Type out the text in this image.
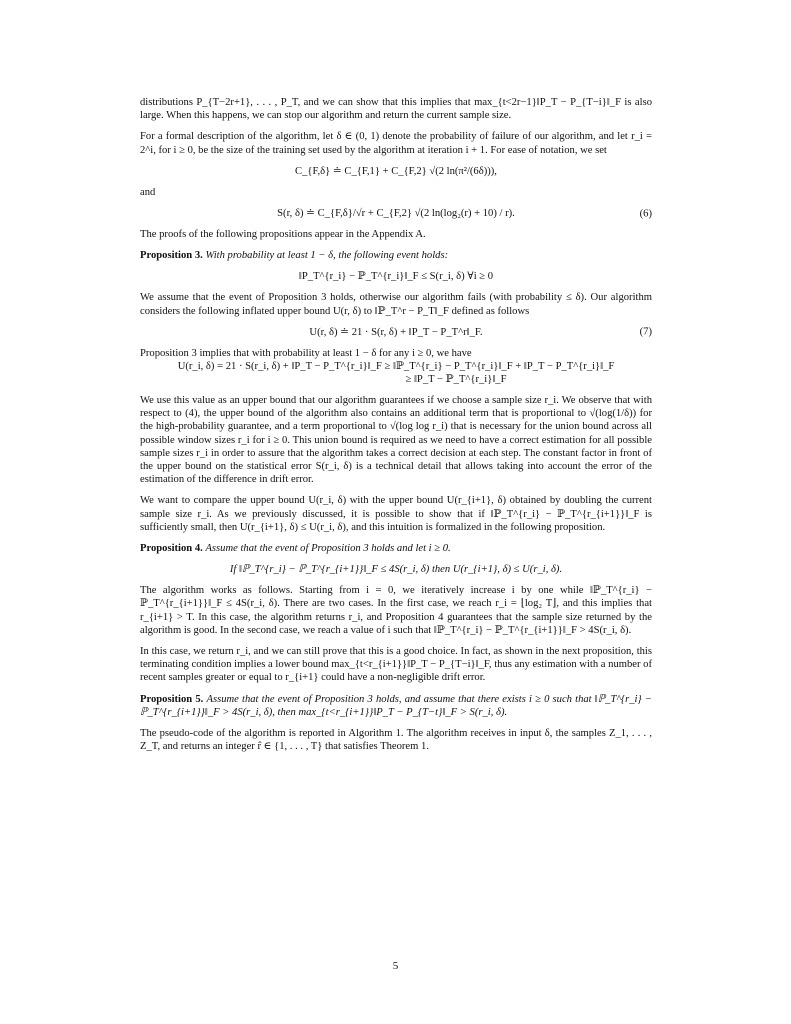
distributions P_{T−2r+1}, . . . , P_T, and we can show that this implies that max_{t<2r−1}‖P_T − P_{T−i}‖_F is also large. When this happens, we can stop our algorithm and return the current sample size.

For a formal description of the algorithm, let δ ∈ (0, 1) denote the probability of failure of our algorithm, and let r_i = 2^i, for i ≥ 0, be the size of the training set used by the algorithm at iteration i + 1. For ease of notation, we set

C_{F,δ} ≐ C_{F,1} + C_{F,2} √(2 ln(π²/(6δ))),

and

S(r, δ) ≐ C_{F,δ}/√r + C_{F,2} √(2 ln(log₂(r) + 10) / r).	(6)

The proofs of the following propositions appear in the Appendix A.

Proposition 3. With probability at least 1 − δ, the following event holds:

‖P_T^{r_i} − ℙ_T^{r_i}‖_F ≤ S(r_i, δ) ∀i ≥ 0

We assume that the event of Proposition 3 holds, otherwise our algorithm fails (with probability ≤ δ). Our algorithm considers the following inflated upper bound U(r, δ) to ‖ℙ_T^r − P_T‖_F defined as follows

U(r, δ) ≐ 21 · S(r, δ) + ‖P_T − P_T^r‖_F.	(7)

Proposition 3 implies that with probability at least 1 − δ for any i ≥ 0, we have

U(r_i, δ) = 21 · S(r_i, δ) + ‖P_T − P_T^{r_i}‖_F ≥ ‖ℙ_T^{r_i} − P_T^{r_i}‖_F + ‖P_T − P_T^{r_i}‖_F
≥ ‖P_T − ℙ_T^{r_i}‖_F

We use this value as an upper bound that our algorithm guarantees if we choose a sample size r_i. We observe that with respect to (4), the upper bound of the algorithm also contains an additional term that is proportional to √(log(1/δ)) for the high-probability guarantee, and a term proportional to √(log log r_i) that is necessary for the union bound across all possible window sizes r_i for i ≥ 0. This union bound is required as we need to have a correct estimation for all possible sample sizes r_i in order to assure that the algorithm takes a correct decision at each step. The constant factor in front of the upper bound on the statistical error S(r_i, δ) is a technical detail that allows taking into account the error of the estimation of the difference in drift error.

We want to compare the upper bound U(r_i, δ) with the upper bound U(r_{i+1}, δ) obtained by doubling the current sample size r_i. As we previously discussed, it is possible to show that if ‖ℙ_T^{r_i} − ℙ_T^{r_{i+1}}‖_F is sufficiently small, then U(r_{i+1}, δ) ≤ U(r_i, δ), and this intuition is formalized in the following proposition.

Proposition 4. Assume that the event of Proposition 3 holds and let i ≥ 0.

If ‖ℙ_T^{r_i} − ℙ_T^{r_{i+1}}‖_F ≤ 4S(r_i, δ) then U(r_{i+1}, δ) ≤ U(r_i, δ).

The algorithm works as follows. Starting from i = 0, we iteratively increase i by one while ‖ℙ_T^{r_i} − ℙ_T^{r_{i+1}}‖_F ≤ 4S(r_i, δ). There are two cases. In the first case, we reach r_i = ⌊log₂ T⌋, and this implies that r_{i+1} > T. In this case, the algorithm returns r_i, and Proposition 4 guarantees that the sample size returned by the algorithm is good. In the second case, we reach a value of i such that ‖ℙ_T^{r_i} − ℙ_T^{r_{i+1}}‖_F > 4S(r_i, δ).

In this case, we return r_i, and we can still prove that this is a good choice. In fact, as shown in the next proposition, this terminating condition implies a lower bound max_{t<r_{i+1}}‖P_T − P_{T−i}‖_F, thus any estimation with a number of recent samples greater or equal to r_{i+1} could have a non-negligible drift error.

Proposition 5. Assume that the event of Proposition 3 holds, and assume that there exists i ≥ 0 such that ‖ℙ_T^{r_i} − ℙ_T^{r_{i+1}}‖_F > 4S(r_i, δ), then max_{t<r_{i+1}}‖P_T − P_{T−t}‖_F > S(r_i, δ).

The pseudo-code of the algorithm is reported in Algorithm 1. The algorithm receives in input δ, the samples Z_1, . . . , Z_T, and returns an integer r̂ ∈ {1, . . . , T} that satisfies Theorem 1.

5
